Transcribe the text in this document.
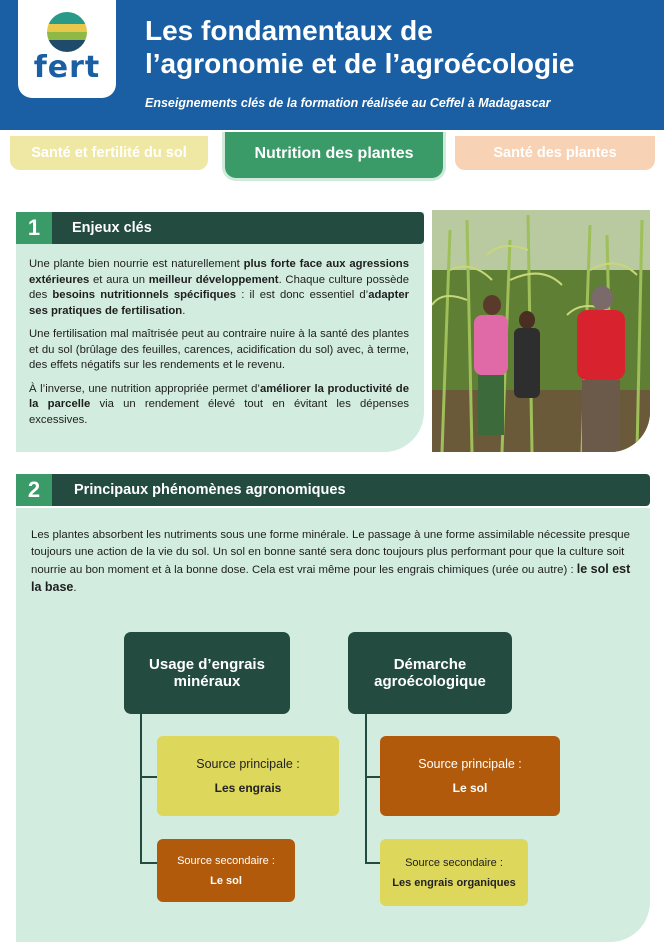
fert
Les fondamentaux de
l’agronomie et de l’agroécologie
Enseignements clés de la formation réalisée au Ceffel à Madagascar
Santé et fertilité du sol	Nutrition des plantes	Santé des plantes
1	Enjeux clés

Une plante bien nourrie est naturellement plus forte face aux agressions extérieures et aura un meilleur développement. Chaque culture possède des besoins nutritionnels spécifiques : il est donc essentiel d’adapter ses pratiques de fertilisation.

Une fertilisation mal maîtrisée peut au contraire nuire à la santé des plantes et du sol (brûlage des feuilles, carences, acidification du sol) avec, à terme, des effets négatifs sur les rendements et le revenu.

À l’inverse, une nutrition appropriée permet d’améliorer la productivité de la parcelle via un rendement élevé tout en évitant les dépenses excessives.

2	Principaux phénomènes agronomiques
Les plantes absorbent les nutriments sous une forme minérale. Le passage à une forme assimilable nécessite presque toujours une action de la vie du sol. Un sol en bonne santé sera donc toujours plus performant pour que la culture soit nourrie au bon moment et à la bonne dose. Cela est vrai même pour les engrais chimiques (urée ou autre) : le sol est la base.
Usage d’engrais minéraux
Source principale :
Les engrais
Source secondaire :
Le sol
Démarche agroécologique
Source principale :
Le sol
Source secondaire :
Les engrais organiques
